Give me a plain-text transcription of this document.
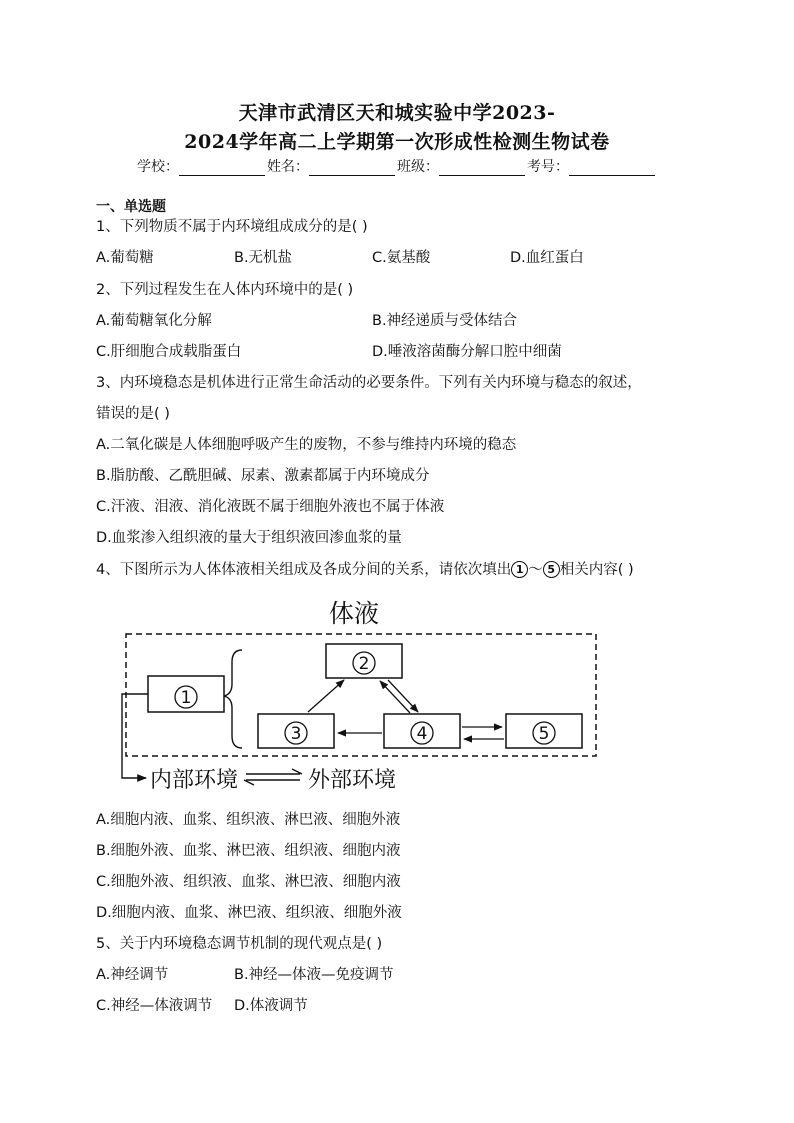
天津市武清区天和城实验中学2023-
2024学年高二上学期第一次形成性检测生物试卷
学校：	姓名：	班级：	考号：
一、单选题
1、下列物质不属于内环境组成成分的是( )
A.葡萄糖	B.无机盐	C.氨基酸	D.血红蛋白
2、下列过程发生在人体内环境中的是( )
A.葡萄糖氧化分解	B.神经递质与受体结合
C.肝细胞合成载脂蛋白	D.唾液溶菌酶分解口腔中细菌
3、内环境稳态是机体进行正常生命活动的必要条件。下列有关内环境与稳态的叙述，
错误的是( )
A.二氧化碳是人体细胞呼吸产生的废物，不参与维持内环境的稳态
B.脂肪酸、乙酰胆碱、尿素、激素都属于内环境成分
C.汗液、泪液、消化液既不属于细胞外液也不属于体液
D.血浆渗入组织液的量大于组织液回渗血浆的量
4、下图所示为人体体液相关组成及各成分间的关系，请依次填出 1 ～ 5 相关内容( )
体液
1
2
3	4	5
内部环境	外部环境
A.细胞内液、血浆、组织液、淋巴液、细胞外液
B.细胞外液、血浆、淋巴液、组织液、细胞内液
C.细胞外液、组织液、血浆、淋巴液、细胞内液
D.细胞内液、血浆、淋巴液、组织液、细胞外液
5、关于内环境稳态调节机制的现代观点是( )
A.神经调节	B.神经—体液—免疫调节
C.神经—体液调节 D.体液调节
